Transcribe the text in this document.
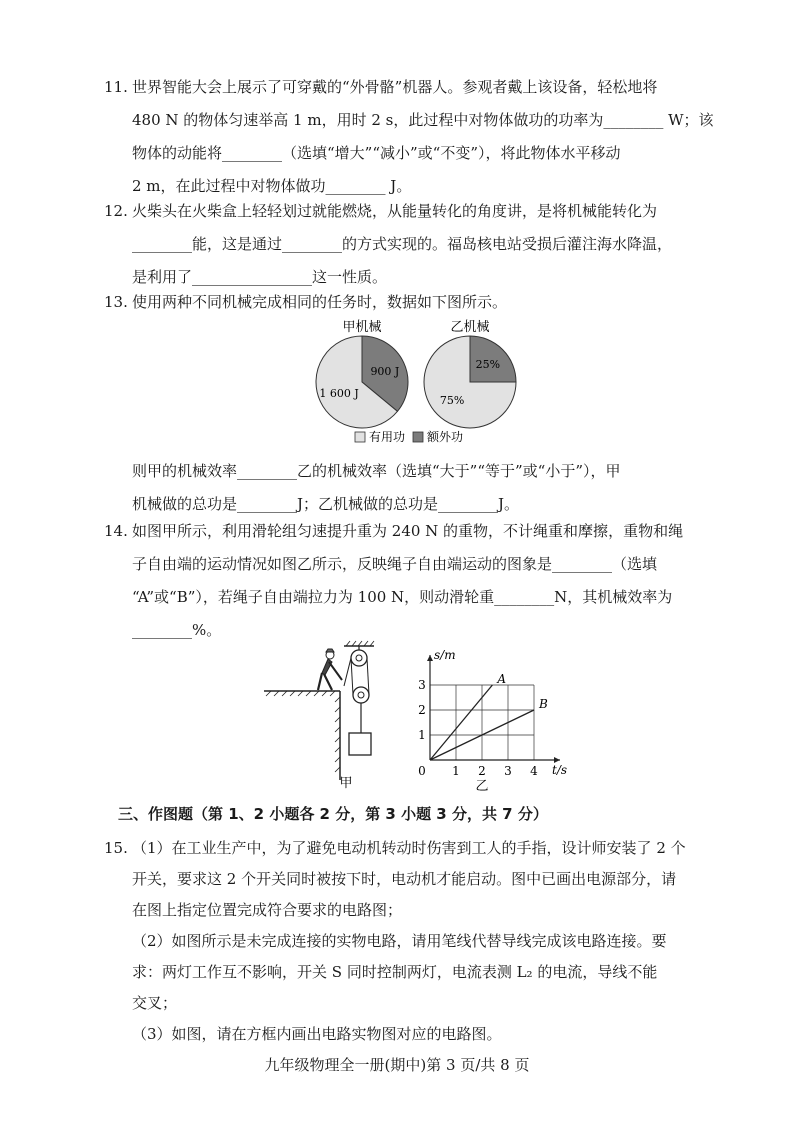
11. 世界智能大会上展示了可穿戴的“外骨骼”机器人。参观者戴上该设备，轻松地将
480 N 的物体匀速举高 1 m，用时 2 s，此过程中对物体做功的功率为________ W；该
物体的动能将________（选填“增大”“减小”或“不变”），将此物体水平移动
2 m，在此过程中对物体做功________ J。
12. 火柴头在火柴盒上轻轻划过就能燃烧，从能量转化的角度讲，是将机械能转化为
________能，这是通过________的方式实现的。福岛核电站受损后灌注海水降温，
是利用了________________这一性质。
13. 使用两种不同机械完成相同的任务时，数据如下图所示。
甲机械	乙机械
900 J
1 600 J
25%
75%
有用功 额外功
则甲的机械效率________乙的机械效率（选填“大于”“等于”或“小于”），甲
机械做的总功是________J；乙机械做的总功是________J。
14. 如图甲所示，利用滑轮组匀速提升重为 240 N 的重物，不计绳重和摩擦，重物和绳
子自由端的运动情况如图乙所示，反映绳子自由端运动的图象是________（选填
“A”或“B”），若绳子自由端拉力为 100 N，则动滑轮重________N，其机械效率为
________%。
甲
0 1 2 3 4
1
2
3
s/m
t/s
A
B
乙
三、作图题（第 1、2 小题各 2 分，第 3 小题 3 分，共 7 分）
15. （1）在工业生产中，为了避免电动机转动时伤害到工人的手指，设计师安装了 2 个
开关，要求这 2 个开关同时被按下时，电动机才能启动。图中已画出电源部分，请
在图上指定位置完成符合要求的电路图；
（2）如图所示是未完成连接的实物电路，请用笔线代替导线完成该电路连接。要
求：两灯工作互不影响，开关 S 同时控制两灯，电流表测 L₂ 的电流，导线不能
交叉；
（3）如图，请在方框内画出电路实物图对应的电路图。
九年级物理全一册(期中)第 3 页/共 8 页
